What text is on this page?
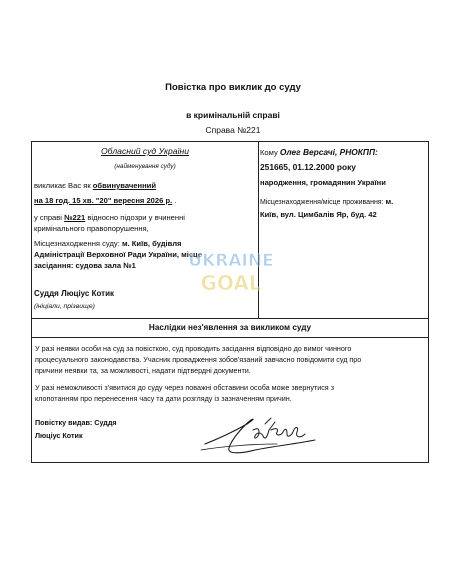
Повістка про виклик до суду
в кримінальній справі
Справа №221
Обласний суд України
(найменування суду)
викликає Вас як обвинуваченний
на 18 год. 15 хв. "20" вересня 2026 р. .
у справі №221 відносно підозри у вчиненні
кримінального правопорушення,
Місцезнаходження суду: м. Київ, будівля
Адміністрації Верховної Ради України, місце
засідання: судова зала №1
Суддя Люціус Котик
(ініціали, прізвище)
Кому Олег Версачі, РНОКПП:
251665, 01.12.2000 року
народження, громадянин України
Місцезнаходження/місце проживання: м.
Київ, вул. Цимбалів Яр, буд. 42
UKRAINE
GOAL
Наслідки нез'явлення за викликом суду
У разі неявки особи на суд за повісткою, суд проводить засідання відповідно до вимог чинного
процесуального законодавства. Учасник провадження зобов'язаний завчасно повідомити суд про
причини неявки та, за можливості, надати підтвердні документи.
У разі неможливості з'явитися до суду через поважні обставини особа може звернутися з
клопотанням про перенесення часу та дати розгляду із зазначенням причин.
Повістку видав: Суддя
Люціус Котик
